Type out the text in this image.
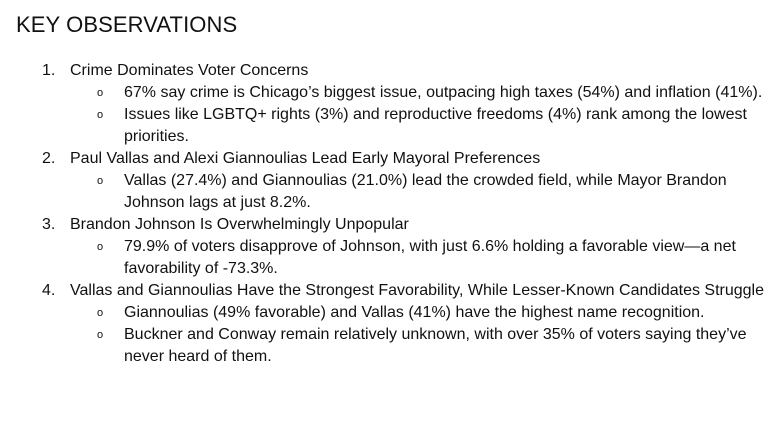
KEY OBSERVATIONS
1. Crime Dominates Voter Concerns
o 67% say crime is Chicago’s biggest issue, outpacing high taxes (54%) and inflation (41%).
o Issues like LGBTQ+ rights (3%) and reproductive freedoms (4%) rank among the lowest priorities.
2. Paul Vallas and Alexi Giannoulias Lead Early Mayoral Preferences
o Vallas (27.4%) and Giannoulias (21.0%) lead the crowded field, while Mayor Brandon Johnson lags at just 8.2%.
3. Brandon Johnson Is Overwhelmingly Unpopular
o 79.9% of voters disapprove of Johnson, with just 6.6% holding a favorable view—a net favorability of -73.3%.
4. Vallas and Giannoulias Have the Strongest Favorability, While Lesser-Known Candidates Struggle
o Giannoulias (49% favorable) and Vallas (41%) have the highest name recognition.
o Buckner and Conway remain relatively unknown, with over 35% of voters saying they’ve never heard of them.
